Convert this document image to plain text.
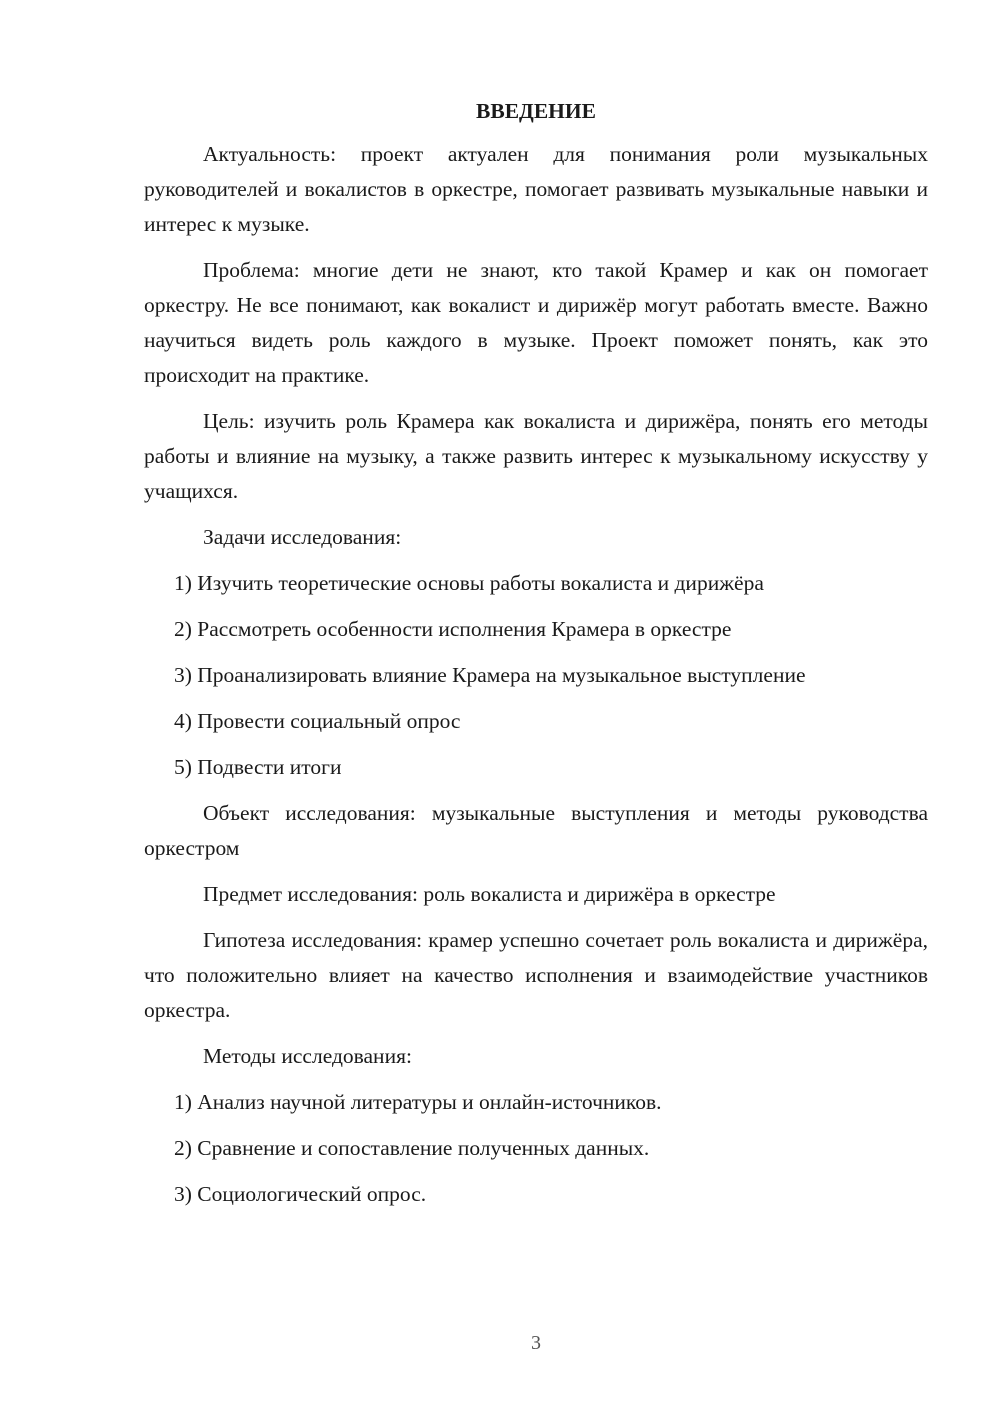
ВВЕДЕНИЕ

Актуальность: проект актуален для понимания роли музыкальных руководителей и вокалистов в оркестре, помогает развивать музыкальные навыки и интерес к музыке.

Проблема: многие дети не знают, кто такой Крамер и как он помогает оркестру. Не все понимают, как вокалист и дирижёр могут работать вместе. Важно научиться видеть роль каждого в музыке. Проект поможет понять, как это происходит на практике.

Цель: изучить роль Крамера как вокалиста и дирижёра, понять его методы работы и влияние на музыку, а также развить интерес к музыкальному искусству у учащихся.

Задачи исследования:

1) Изучить теоретические основы работы вокалиста и дирижёра
2) Рассмотреть особенности исполнения Крамера в оркестре
3) Проанализировать влияние Крамера на музыкальное выступление
4) Провести социальный опрос
5) Подвести итоги

Объект исследования: музыкальные выступления и методы руководства оркестром

Предмет исследования: роль вокалиста и дирижёра в оркестре

Гипотеза исследования: крамер успешно сочетает роль вокалиста и дирижёра, что положительно влияет на качество исполнения и взаимодействие участников оркестра.

Методы исследования:

1) Анализ научной литературы и онлайн-источников.
2) Сравнение и сопоставление полученных данных.
3) Социологический опрос.
3
